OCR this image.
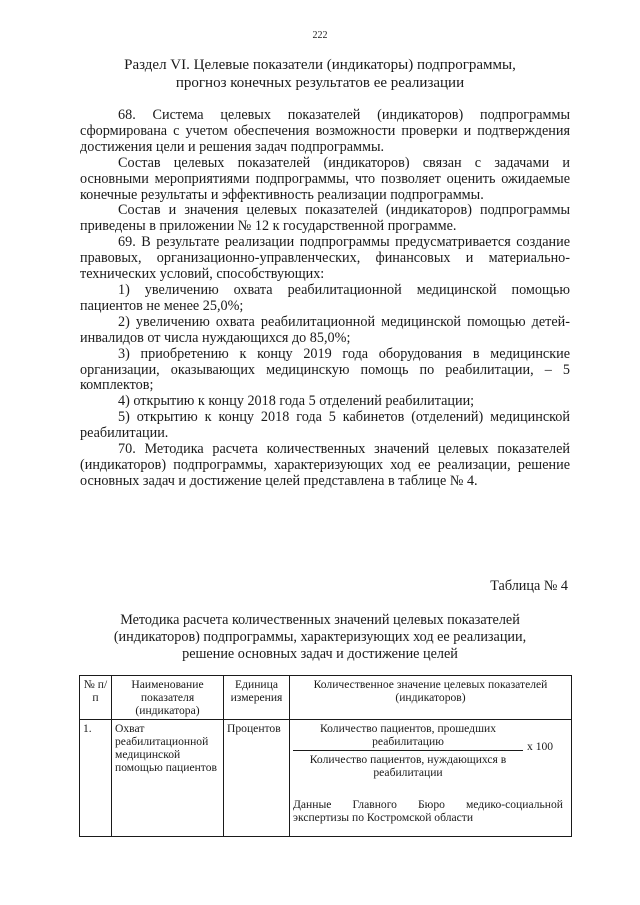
222
Раздел VI. Целевые показатели (индикаторы) подпрограммы,
прогноз конечных результатов ее реализации

68. Система целевых показателей (индикаторов) подпрограммы сформирована с учетом обеспечения возможности проверки и подтверждения достижения цели и решения задач подпрограммы.

Состав целевых показателей (индикаторов) связан с задачами и основными мероприятиями подпрограммы, что позволяет оценить ожидаемые конечные результаты и эффективность реализации подпрограммы.

Состав и значения целевых показателей (индикаторов) подпрограммы приведены в приложении № 12 к государственной программе.

69. В результате реализации подпрограммы предусматривается создание правовых, организационно-управленческих, финансовых и материально-технических условий, способствующих:

1) увеличению охвата реабилитационной медицинской помощью пациентов не менее 25,0%;

2) увеличению охвата реабилитационной медицинской помощью детей-инвалидов от числа нуждающихся до 85,0%;

3) приобретению к концу 2019 года оборудования в медицинские организации, оказывающих медицинскую помощь по реабилитации, – 5 комплектов;

4) открытию к концу 2018 года 5 отделений реабилитации;

5) открытию к концу 2018 года 5 кабинетов (отделений) медицинской реабилитации.

70. Методика расчета количественных значений целевых показателей (индикаторов) подпрограммы, характеризующих ход ее реализации, решение основных задач и достижение целей представлена в таблице № 4.

Таблица № 4
Методика расчета количественных значений целевых показателей
(индикаторов) подпрограммы, характеризующих ход ее реализации,
решение основных задач и достижение целей
№ п/п	Наименование показателя (индикатора)	Единица измерения	Количественное значение целевых показателей (индикаторов)
1.	Охват реабилитационной медицинской помощью пациентов	Процентов	Количество пациентов, прошедших реабилитацию
Количество пациентов, нуждающихся в реабилитации
x 100
Данные Главного Бюро медико-социальной экспертизы по Костромской области
